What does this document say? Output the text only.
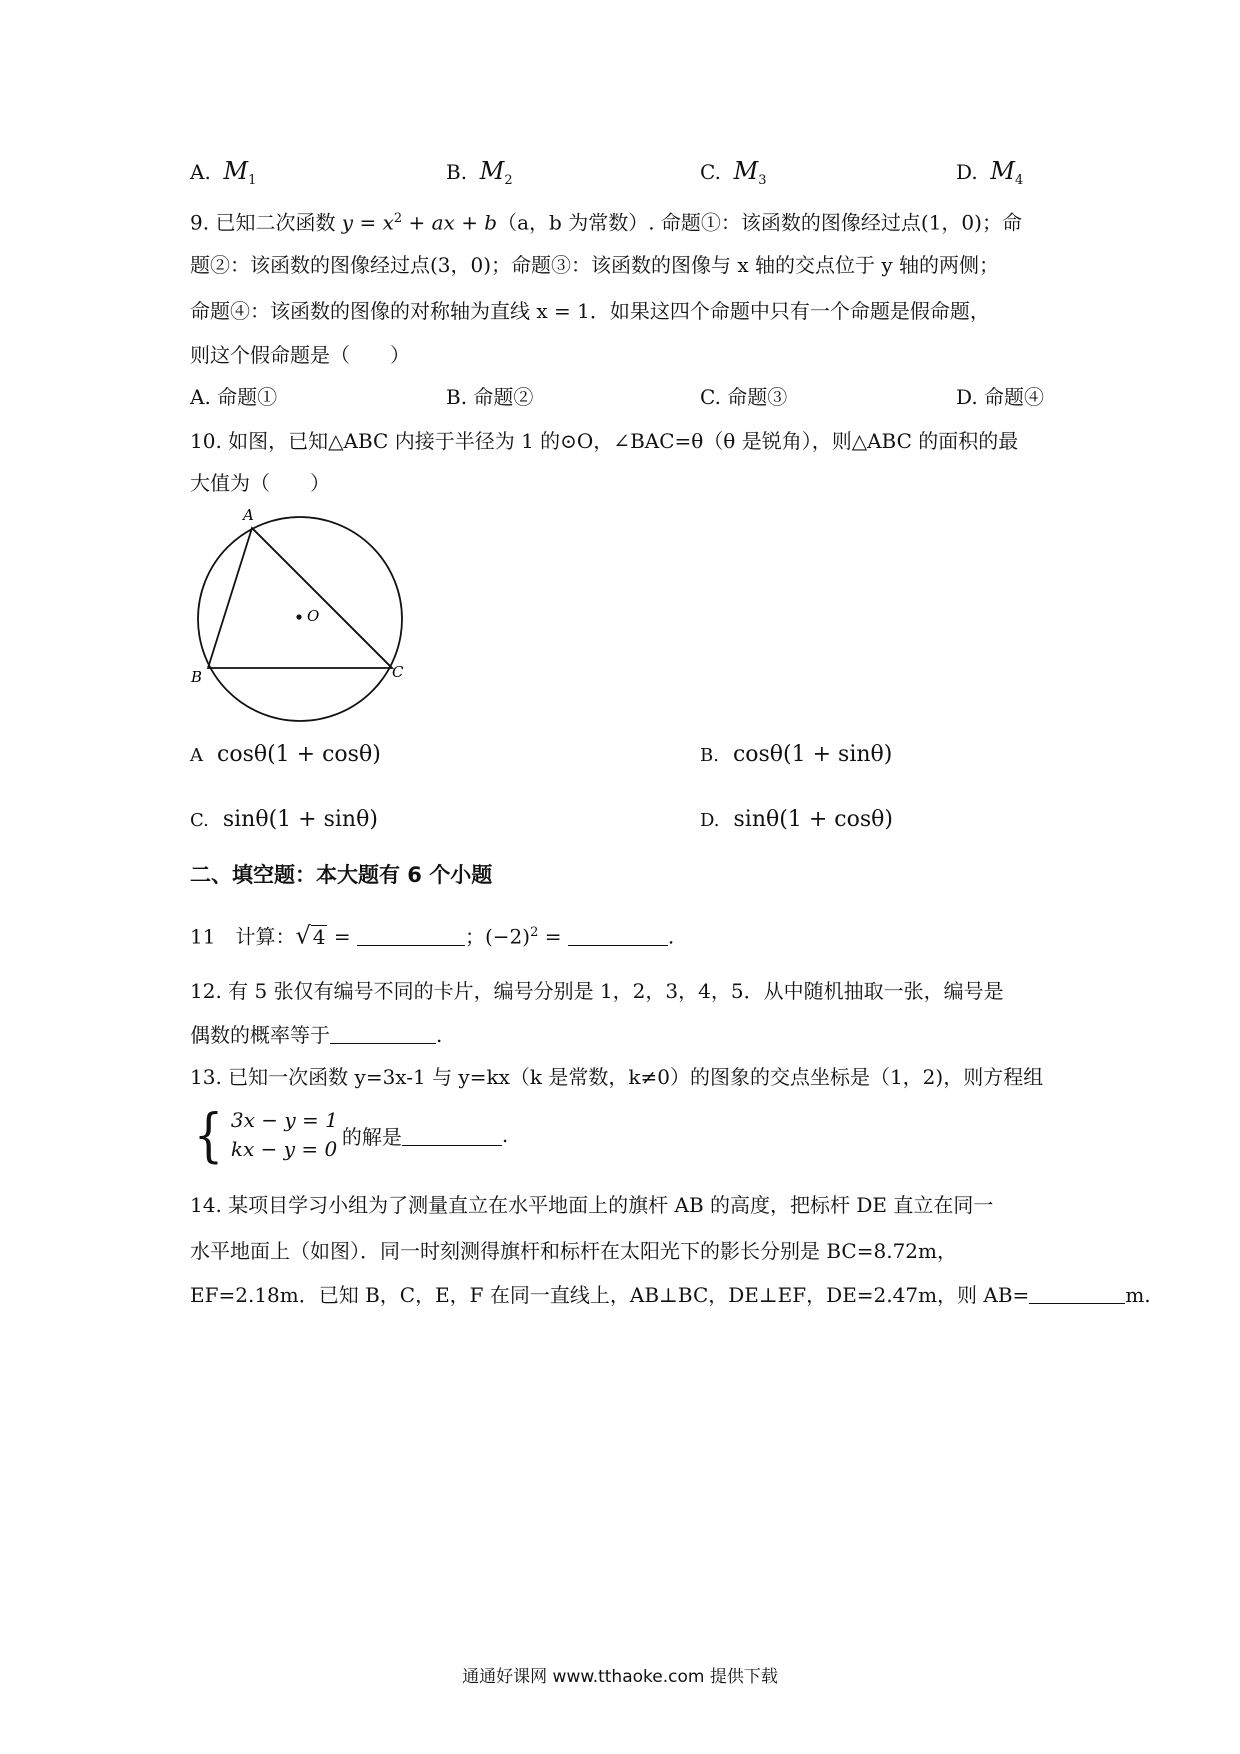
A. $M_1$	B. $M_2$	C. $M_3$	D. $M_4$
9. 已知二次函数 $y = x^2$ + ax + b（a，b 为常数）. 命题①：该函数的图像经过点(1，0)；命
题②：该函数的图像经过点(3，0)；命题③：该函数的图像与 x 轴的交点位于 y 轴的两侧；
命题④：该函数的图像的对称轴为直线 x = 1．如果这四个命题中只有一个命题是假命题，
则这个假命题是（　　）
A. 命题①	B. 命题②	C. 命题③	D. 命题④
10. 如图，已知△ABC 内接于半径为 1 的⊙O，∠BAC=θ（θ 是锐角），则△ABC 的面积的最
大值为（　　）
A
B	C
O
A cosθ(1 + cosθ)	B. cosθ(1 + sinθ)
C. sinθ(1 + sinθ)	D. sinθ(1 + cosθ)
二、填空题：本大题有 6 个小题
11　计算：√ 4 =	；$(-2)^2$ =	.
12. 有 5 张仅有编号不同的卡片，编号分别是 1，2，3，4，5．从中随机抽取一张，编号是
偶数的概率等于	.
13. 已知一次函数 y=3x-1 与 y=kx（k 是常数，k≠0）的图象的交点坐标是（1，2)，则方程组
{ 3x − y = 1
kx − y = 0
的解是	.
14. 某项目学习小组为了测量直立在水平地面上的旗杆 AB 的高度，把标杆 DE 直立在同一
水平地面上（如图）．同一时刻测得旗杆和标杆在太阳光下的影长分别是 BC=8.72m，
EF=2.18m．已知 B，C，E，F 在同一直线上，AB⊥BC，DE⊥EF，DE=2.47m，则 AB=	m.
通通好课网 www.tthaoke.com 提供下载
